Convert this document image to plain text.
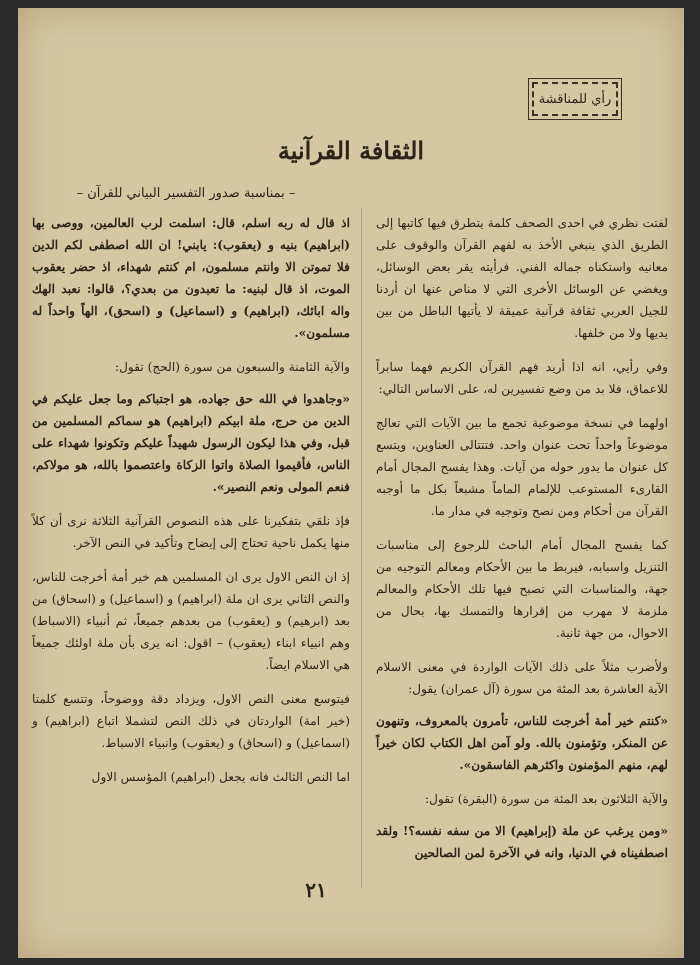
رأي للمناقشة
الثقافة القرآنية
– بمناسبة صدور التفسير البياني للقرآن –

لفتت نظري في احدى الصحف كلمة يتطرق فيها كاتبها إلى الطريق الذي ينبغي الأخذ به لفهم القرآن والوقوف على معانيه واستكناه جماله الفني. فرأيته يقر بعض الوسائل، ويغضي عن الوسائل الأخرى التي لا مناص عنها ان أردنا للجيل العربي ثقافة قرآنية عميقة لا يأتيها الباطل من بين يديها ولا من خلفها.

وفي رأيي، انه اذا أريد فهم القرآن الكريم فهما سابراً للاعماق، فلا بد من وضع تفسيرين له، على الاساس التالي:

اولهما في نسخة موضوعية تجمع ما بين الآيات التي تعالج موضوعاً واحداً تحت عنوان واحد. فتتتالى العناوين، ويتسع كل عنوان ما يدور حوله من آيات. وهذا يفسح المجال أمام القارىء المستوعب للإلمام الماماً مشبعاً بكل ما أوجبه القرآن من أحكام ومن نصح وتوجيه في مدار ما.

كما يفسح المجال أمام الباحث للرجوع إلى مناسبات التنزيل واسبابه، فيربط ما بين الأحكام ومعالم التوجيه من جهة، والمناسبات التي تصبح فيها تلك الأحكام والمعالم ملزمة لا مهرب من إقرارها والتمسك بها، بحال من الاحوال، من جهة ثانية.

ولأضرب مثلاً على ذلك الآيات الواردة في معنى الاسلام الآية العاشرة بعد المئة من سورة (آل عمران) يقول:

«كنتم خير أمة أخرجت للناس، تأمرون بالمعروف، وتنهون عن المنكر، وتؤمنون بالله. ولو آمن اهل الكتاب لكان خيراً لهم، منهم المؤمنون واكثرهم الفاسقون».

والآية الثلاثون بعد المئة من سورة (البقرة) تقول:

«ومن يرغب عن ملة (إبراهيم) الا من سفه نفسه؟! ولقد اصطفيناه في الدنيا، وانه في الآخرة لمن الصالحين

اذ قال له ربه اسلم، قال: اسلمت لرب العالمين، ووصى بها (ابراهيم) بنيه و (يعقوب): يابني! ان الله اصطفى لكم الدين فلا تموتن الا وانتم مسلمون، ام كنتم شهداء، اذ حضر يعقوب الموت، اذ قال لبنيه: ما تعبدون من بعدي؟، قالوا: نعبد الهك واله ابائك، (ابراهيم) و (اسماعيل) و (اسحق)، الهاً واحداً له مسلمون».

والآية الثامنة والسبعون من سورة (الحج) تقول:

«وجاهدوا في الله حق جهاده، هو اجتباكم وما جعل عليكم في الدين من حرج، ملة ابيكم (ابراهيم) هو سماكم المسلمين من قبل، وفي هذا ليكون الرسول شهيداً عليكم وتكونوا شهداء على الناس، فأقيموا الصلاة واتوا الزكاة واعتصموا بالله، هو مولاكم، فنعم المولى ونعم النصير».

فإذ نلقي بتفكيرنا على هذه النصوص القرآنية الثلاثة نرى أن كلاً منها يكمل ناحية تحتاج إلى إيضاح وتأكيد في النص الآخر.

إذ ان النص الاول يرى ان المسلمين هم خير أمة أخرجت للناس، والنص الثاني يرى ان ملة (ابراهيم) و (اسماعيل) و (اسحاق) من بعد (ابرهيم) و (يعقوب) من بعدهم جميعاً، ثم أنبياء (الاسباط) وهم انبياء ابناء (يعقوب) – اقول: انه يرى بأن ملة اولئك جميعاً هي الاسلام ايضاً.

فيتوسع معنى النص الاول، ويزداد دقة ووضوحاً، وتتسع كلمتا (خير امة) الواردتان في ذلك النص لتشملا اتباع (ابراهيم) و (اسماعيل) و (اسحاق) و (يعقوب) وانبياء الاسباط.

اما النص الثالث فانه يجعل (ابراهيم) المؤسس الاول

٢١
